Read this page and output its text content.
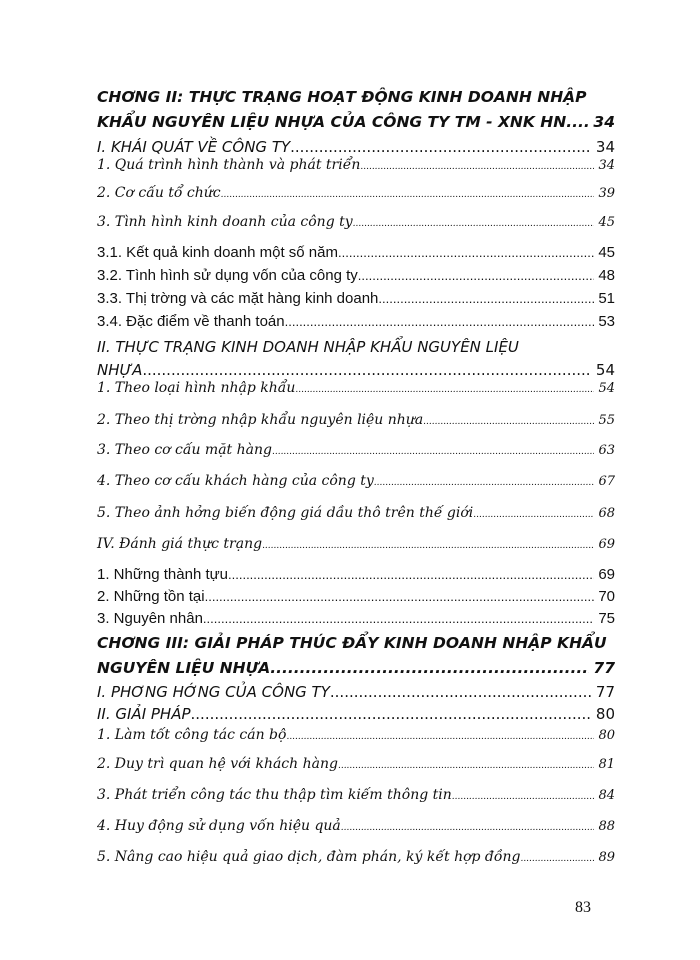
CHƠNG II: THỰC TRẠNG HOẠT ĐỘNG KINH DOANH NHẬP
KHẨU NGUYÊN LIỆU NHỰA CỦA CÔNG TY TM - XNK HN ..... 34
I. KHÁI QUÁT VỀ CÔNG TY .....	34
1. Quá trình hình thành và phát triển .....	34
2. Cơ cấu tổ chức .....	39
3. Tình hình kinh doanh của công ty .....	45
3.1. Kết quả kinh doanh một số năm .....	45
3.2. Tình hình sử dụng vốn của công ty .....	48
3.3. Thị trờng và các mặt hàng kinh doanh .....	51
3.4. Đặc điểm về thanh toán .....	53
II. THỰC TRẠNG KINH DOANH NHẬP KHẨU NGUYÊN LIỆU
NHỰA .....	54
1. Theo loại hình nhập khẩu .....	54
2. Theo thị trờng nhập khẩu nguyên liệu nhựa .....	55
3. Theo cơ cấu mặt hàng .....	63
4. Theo cơ cấu khách hàng của công ty .....	67
5. Theo ảnh hởng biến động giá dầu thô trên thế giới .....	68
IV. Đánh giá thực trạng .....	69
1. Những thành tựu .....	69
2. Những tồn tại .....	70
3. Nguyên nhân .....	75
CHƠNG III: GIẢI PHÁP THÚC ĐẨY KINH DOANH NHẬP KHẨU
NGUYÊN LIỆU NHỰA .....	77
I. PHƠNG HỚNG CỦA CÔNG TY .....	77
II. GIẢI PHÁP .....	80
1. Làm tốt công tác cán bộ .....	80
2. Duy trì quan hệ với khách hàng .....	81
3. Phát triển công tác thu thập tìm kiếm thông tin .....	84
4. Huy động sử dụng vốn hiệu quả .....	88
5. Nâng cao hiệu quả giao dịch, đàm phán, ký kết hợp đồng .....	89
83
